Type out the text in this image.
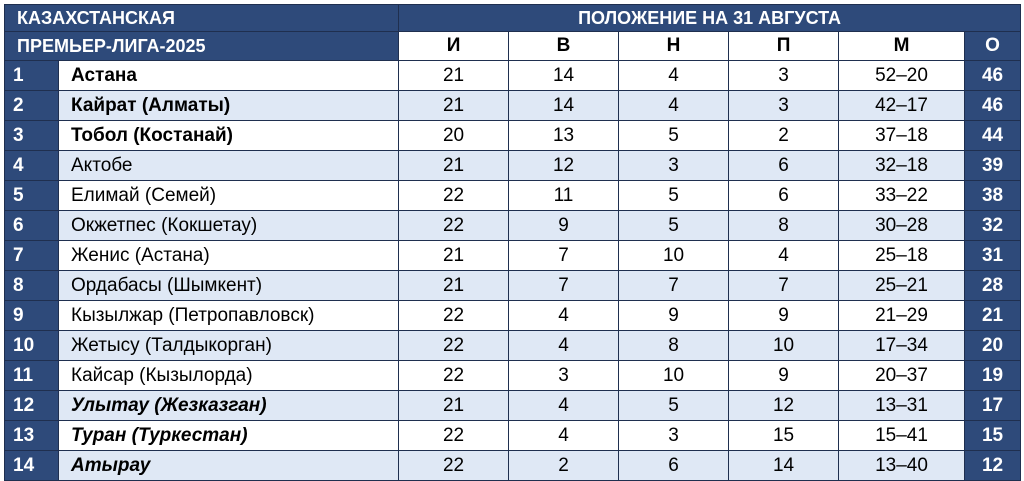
КАЗАХСТАНСКАЯ		ПОЛОЖЕНИЕ НА 31 АВГУСТА					
ПРЕМЬЕР-ЛИГА-2025		И	В	Н	П	М	О
1	Астана	21	14	4	3	52–20	46
2	Кайрат (Алматы)	21	14	4	3	42–17	46
3	Тобол (Костанай)	20	13	5	2	37–18	44
4	Актобе	21	12	3	6	32–18	39
5	Елимай (Семей)	22	11	5	6	33–22	38
6	Окжетпес (Кокшетау)	22	9	5	8	30–28	32
7	Женис (Астана)	21	7	10	4	25–18	31
8	Ордабасы (Шымкент)	21	7	7	7	25–21	28
9	Кызылжар (Петропавловск)	22	4	9	9	21–29	21
10	Жетысу (Талдыкорган)	22	4	8	10	17–34	20
11	Кайсар (Кызылорда)	22	3	10	9	20–37	19
12	Улытау (Жезказган)	21	4	5	12	13–31	17
13	Туран (Туркестан)	22	4	3	15	15–41	15
14	Атырау	22	2	6	14	13–40	12
